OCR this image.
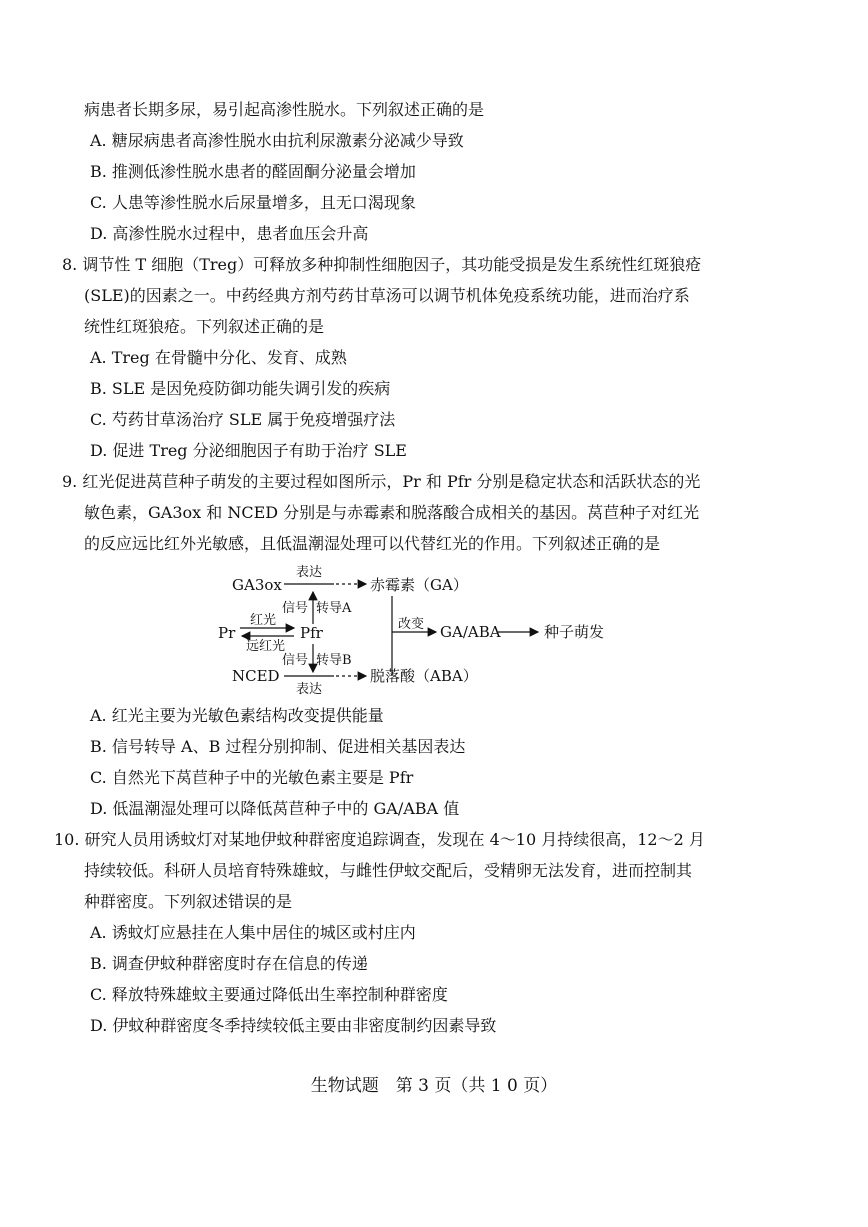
病患者长期多尿，易引起高渗性脱水。下列叙述正确的是
A. 糖尿病患者高渗性脱水由抗利尿激素分泌减少导致
B. 推测低渗性脱水患者的醛固酮分泌量会增加
C. 人患等渗性脱水后尿量增多，且无口渴现象
D. 高渗性脱水过程中，患者血压会升高
8. 调节性 T 细胞（Treg）可释放多种抑制性细胞因子，其功能受损是发生系统性红斑狼疮
(SLE)的因素之一。中药经典方剂芍药甘草汤可以调节机体免疫系统功能，进而治疗系
统性红斑狼疮。下列叙述正确的是
A. Treg 在骨髓中分化、发育、成熟
B. SLE 是因免疫防御功能失调引发的疾病
C. 芍药甘草汤治疗 SLE 属于免疫增强疗法
D. 促进 Treg 分泌细胞因子有助于治疗 SLE
9. 红光促进莴苣种子萌发的主要过程如图所示，Pr 和 Pfr 分别是稳定状态和活跃状态的光
敏色素，GA3ox 和 NCED 分别是与赤霉素和脱落酸合成相关的基因。莴苣种子对红光
的反应远比红外光敏感，且低温潮湿处理可以代替红光的作用。下列叙述正确的是
GA3ox
表达
赤霉素（GA）
信号 转导A
Pr
红光
远红光
Pfr	改变 GA/ABA	种子萌发
信号 转导B
NCED
表达
脱落酸（ABA）
A. 红光主要为光敏色素结构改变提供能量
B. 信号转导 A、B 过程分别抑制、促进相关基因表达
C. 自然光下莴苣种子中的光敏色素主要是 Pfr
D. 低温潮湿处理可以降低莴苣种子中的 GA/ABA 值
10. 研究人员用诱蚊灯对某地伊蚊种群密度追踪调查，发现在 4～10 月持续很高，12～2 月
持续较低。科研人员培育特殊雄蚊，与雌性伊蚊交配后，受精卵无法发育，进而控制其
种群密度。下列叙述错误的是
A. 诱蚊灯应悬挂在人集中居住的城区或村庄内
B. 调查伊蚊种群密度时存在信息的传递
C. 释放特殊雄蚊主要通过降低出生率控制种群密度
D. 伊蚊种群密度冬季持续较低主要由非密度制约因素导致
生物试题　第 3 页（共 1 0 页）
